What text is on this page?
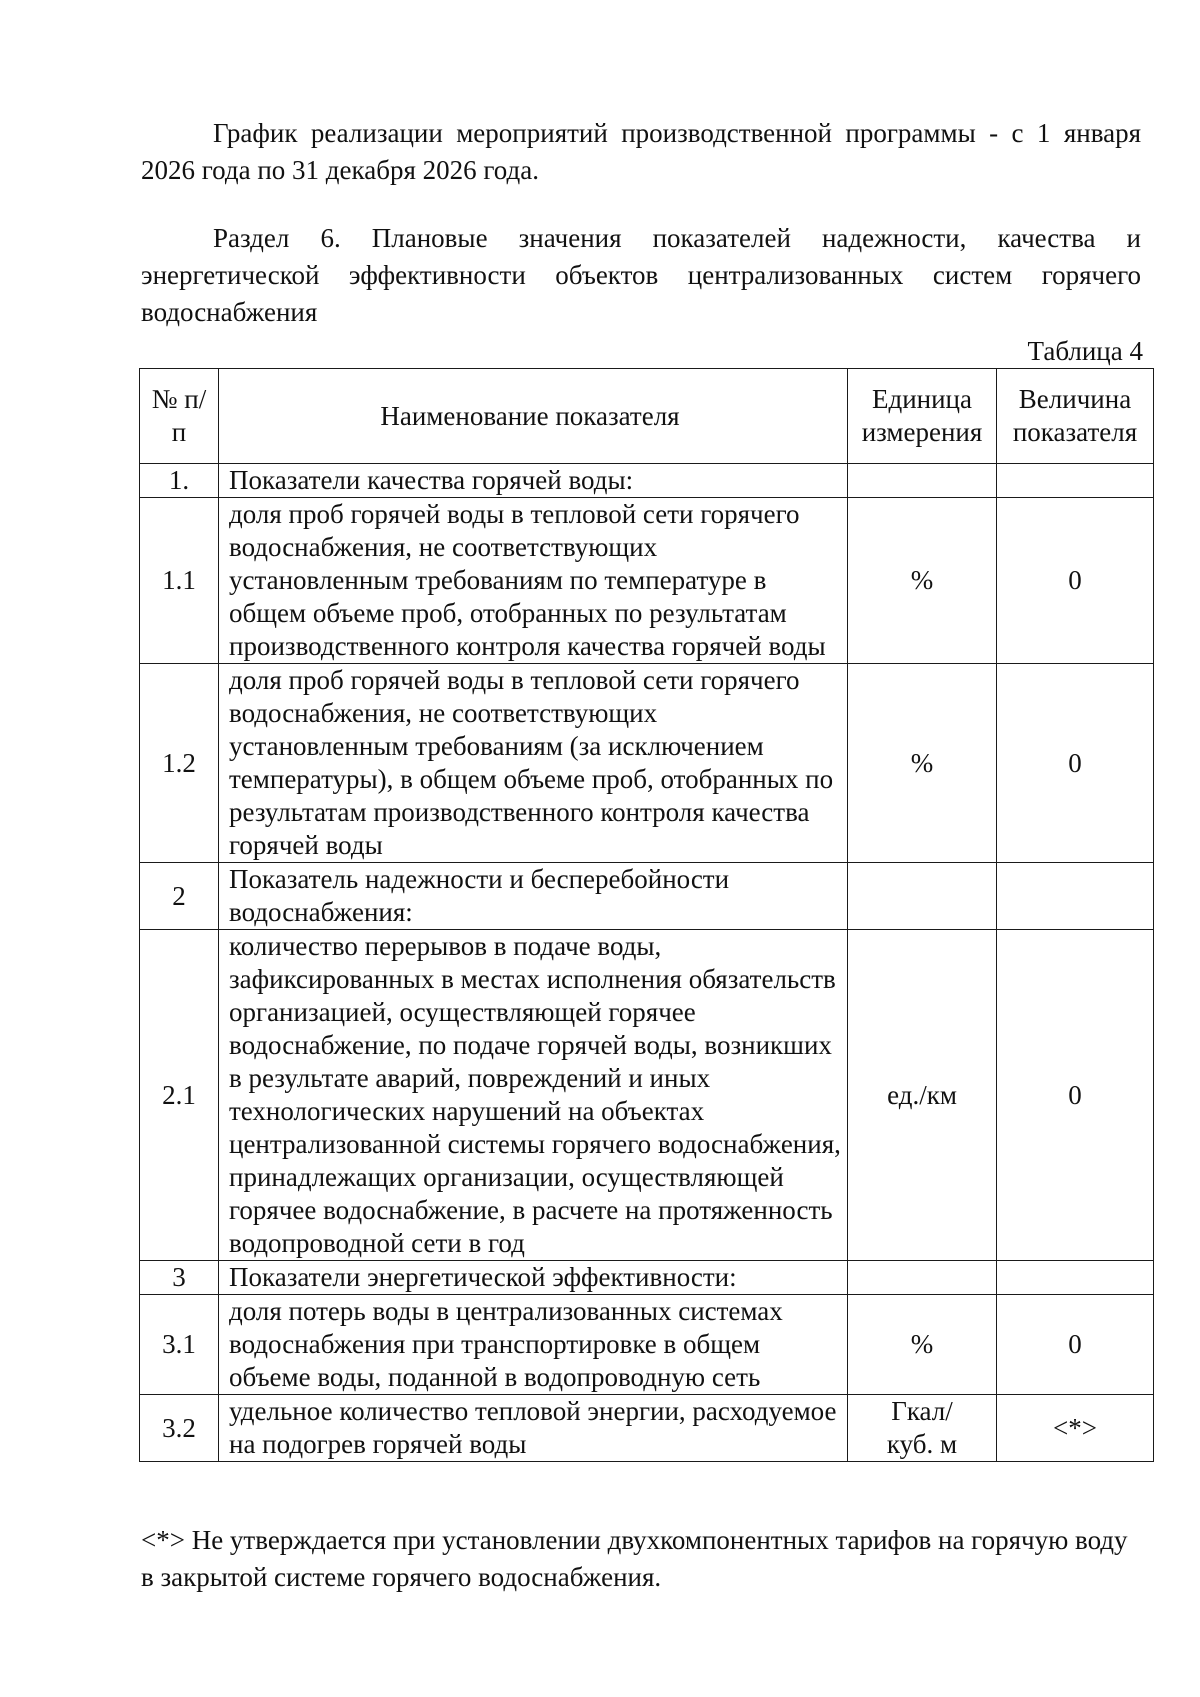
График реализации мероприятий производственной программы - с 1 января 2026 года по 31 декабря 2026 года.

Раздел 6. Плановые значения показателей надежности, качества и энергетической эффективности объектов централизованных систем горячего водоснабжения

Таблица 4
№ п/п	Наименование показателя	Единица измерения	Величина показателя

1.	Показатели качества горячей воды:		
1.1	доля проб горячей воды в тепловой сети горячего водоснабжения, не соответствующих установленным требованиям по температуре в общем объеме проб, отобранных по результатам производственного контроля качества горячей воды	%	0
1.2	доля проб горячей воды в тепловой сети горячего водоснабжения, не соответствующих установленным требованиям (за исключением температуры), в общем объеме проб, отобранных по результатам производственного контроля качества горячей воды	%	0
2	Показатель надежности и бесперебойности водоснабжения:		
2.1	количество перерывов в подаче воды, зафиксированных в местах исполнения обязательств организацией, осуществляющей горячее водоснабжение, по подаче горячей воды, возникших в результате аварий, повреждений и иных технологических нарушений на объектах централизованной системы горячего водоснабжения, принадлежащих организации, осуществляющей горячее водоснабжение, в расчете на протяженность водопроводной сети в год	ед./км	0
3	Показатели энергетической эффективности:		
3.1	доля потерь воды в централизованных системах водоснабжения при транспортировке в общем объеме воды, поданной в водопроводную сеть	%	0
3.2	удельное количество тепловой энергии, расходуемое на подогрев горячей воды	Гкал/ куб. м	<*>

<*> Не утверждается при установлении двухкомпонентных тарифов на горячую воду в закрытой системе горячего водоснабжения.
